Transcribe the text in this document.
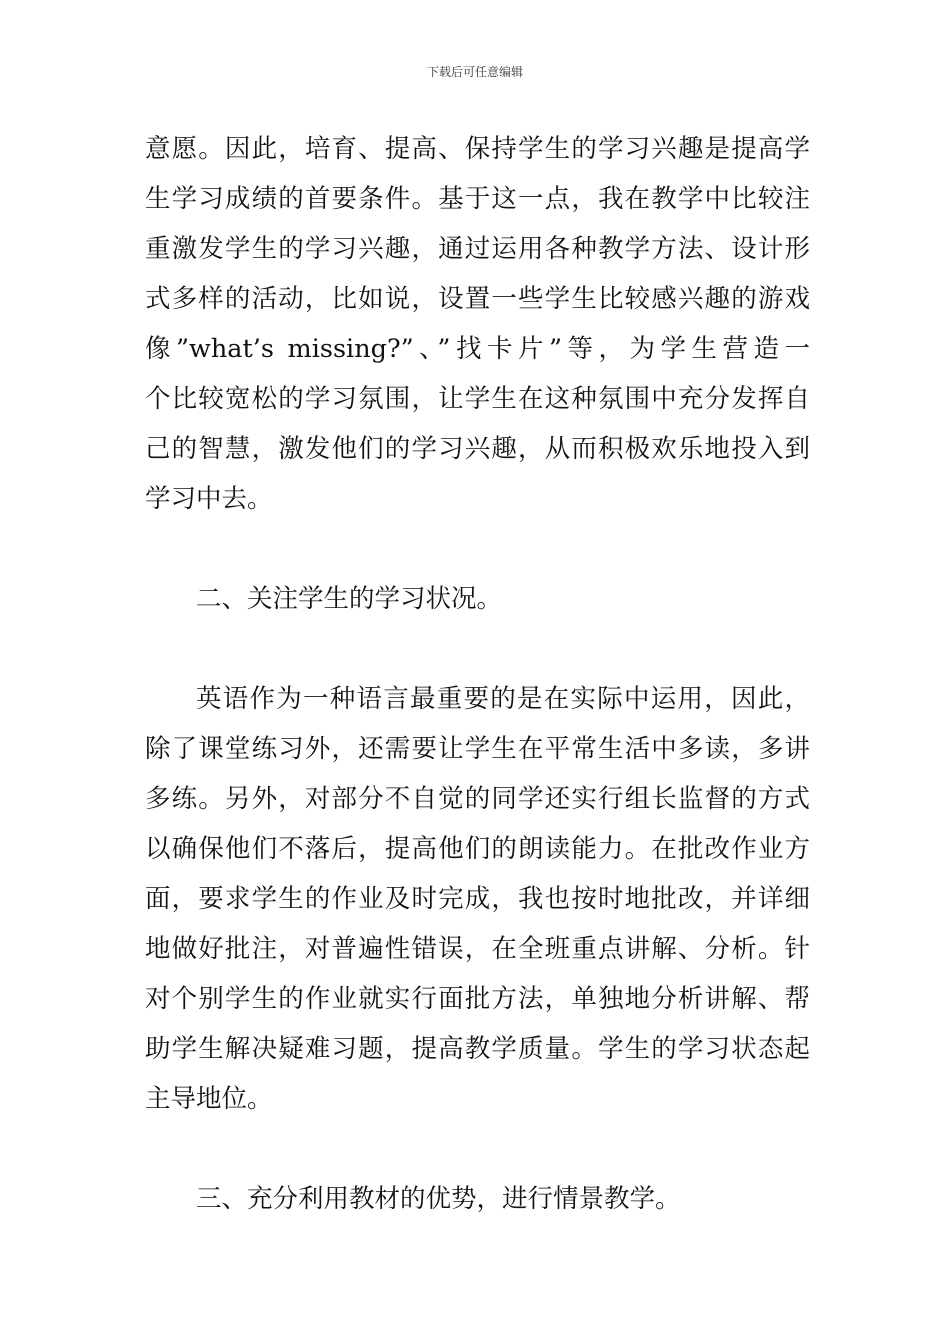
下载后可任意编辑
意愿。因此，培育、提高、保持学生的学习兴趣是提高学
生学习成绩的首要条件。基于这一点，我在教学中比较注
重激发学生的学习兴趣，通过运用各种教学方法、设计形
式多样的活动，比如说，设置一些学生比较感兴趣的游戏
像”what’s missing?”、”找卡片”等，为学生营造一
个比较宽松的学习氛围，让学生在这种氛围中充分发挥自
己的智慧，激发他们的学习兴趣，从而积极欢乐地投入到
学习中去。
二、关注学生的学习状况。
英语作为一种语言最重要的是在实际中运用，因此，
除了课堂练习外，还需要让学生在平常生活中多读，多讲
多练。另外，对部分不自觉的同学还实行组长监督的方式
以确保他们不落后，提高他们的朗读能力。在批改作业方
面，要求学生的作业及时完成，我也按时地批改，并详细
地做好批注，对普遍性错误，在全班重点讲解、分析。针
对个别学生的作业就实行面批方法，单独地分析讲解、帮
助学生解决疑难习题，提高教学质量。学生的学习状态起
主导地位。
三、充分利用教材的优势，进行情景教学。
